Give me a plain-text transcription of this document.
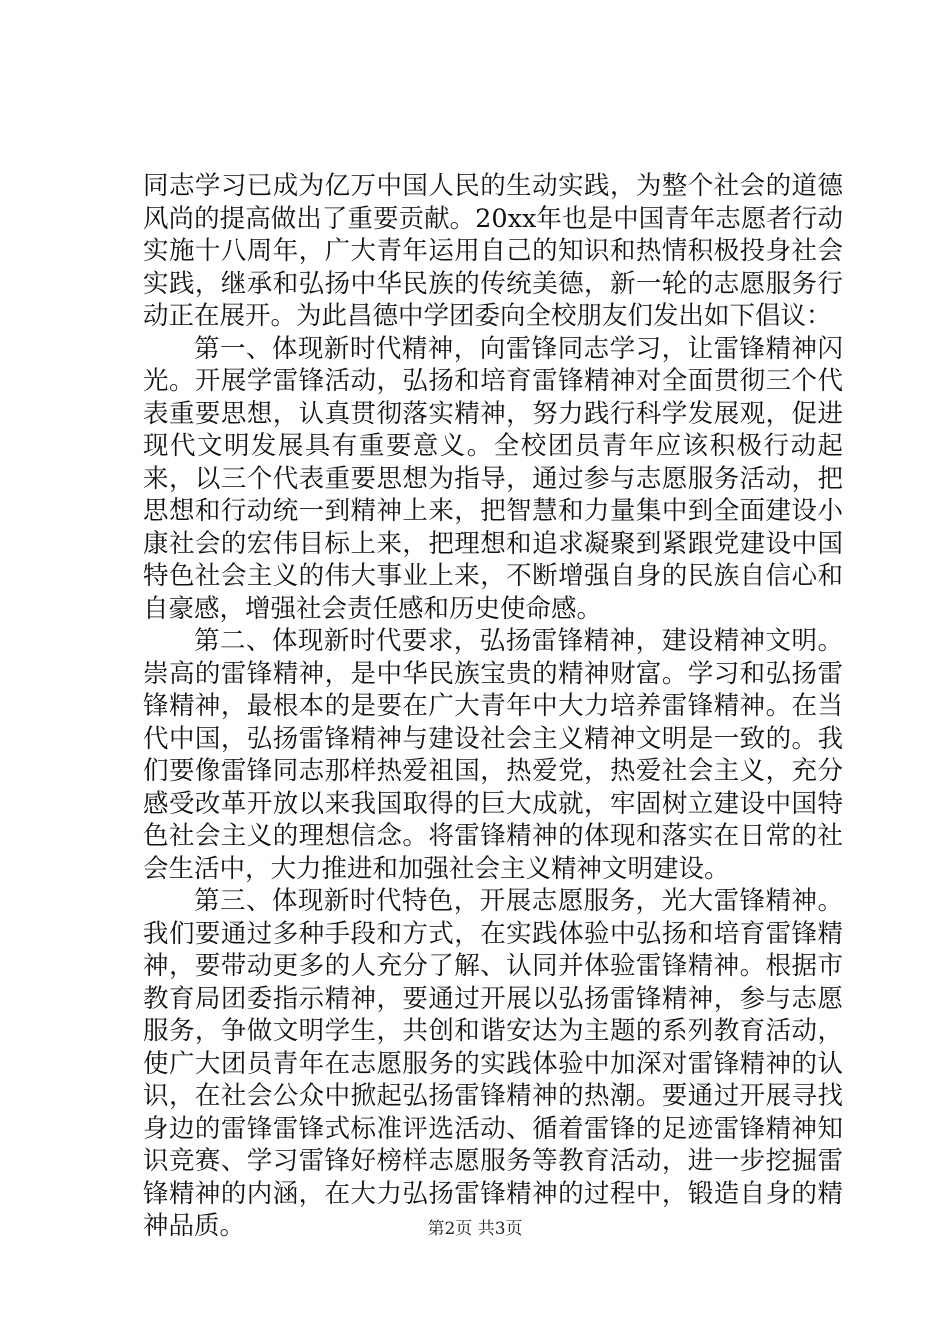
同志学习已成为亿万中国人民的生动实践，为整个社会的道德风尚的提高做出了重要贡献。20xx年也是中国青年志愿者行动实施十八周年，广大青年运用自己的知识和热情积极投身社会实践，继承和弘扬中华民族的传统美德，新一轮的志愿服务行动正在展开。为此昌德中学团委向全校朋友们发出如下倡议：

第一、体现新时代精神，向雷锋同志学习，让雷锋精神闪光。开展学雷锋活动，弘扬和培育雷锋精神对全面贯彻三个代表重要思想，认真贯彻落实精神，努力践行科学发展观，促进现代文明发展具有重要意义。全校团员青年应该积极行动起来，以三个代表重要思想为指导，通过参与志愿服务活动，把思想和行动统一到精神上来，把智慧和力量集中到全面建设小康社会的宏伟目标上来，把理想和追求凝聚到紧跟党建设中国特色社会主义的伟大事业上来，不断增强自身的民族自信心和自豪感，增强社会责任感和历史使命感。

第二、体现新时代要求，弘扬雷锋精神，建设精神文明。崇高的雷锋精神，是中华民族宝贵的精神财富。学习和弘扬雷锋精神，最根本的是要在广大青年中大力培养雷锋精神。在当代中国，弘扬雷锋精神与建设社会主义精神文明是一致的。我们要像雷锋同志那样热爱祖国，热爱党，热爱社会主义，充分感受改革开放以来我国取得的巨大成就，牢固树立建设中国特色社会主义的理想信念。将雷锋精神的体现和落实在日常的社会生活中，大力推进和加强社会主义精神文明建设。

第三、体现新时代特色，开展志愿服务，光大雷锋精神。我们要通过多种手段和方式，在实践体验中弘扬和培育雷锋精神，要带动更多的人充分了解、认同并体验雷锋精神。根据市教育局团委指示精神，要通过开展以弘扬雷锋精神，参与志愿服务，争做文明学生，共创和谐安达为主题的系列教育活动，使广大团员青年在志愿服务的实践体验中加深对雷锋精神的认识，在社会公众中掀起弘扬雷锋精神的热潮。要通过开展寻找身边的雷锋雷锋式标准评选活动、循着雷锋的足迹雷锋精神知识竞赛、学习雷锋好榜样志愿服务等教育活动，进一步挖掘雷锋精神的内涵，在大力弘扬雷锋精神的过程中，锻造自身的精神品质。	第2页 共3页
